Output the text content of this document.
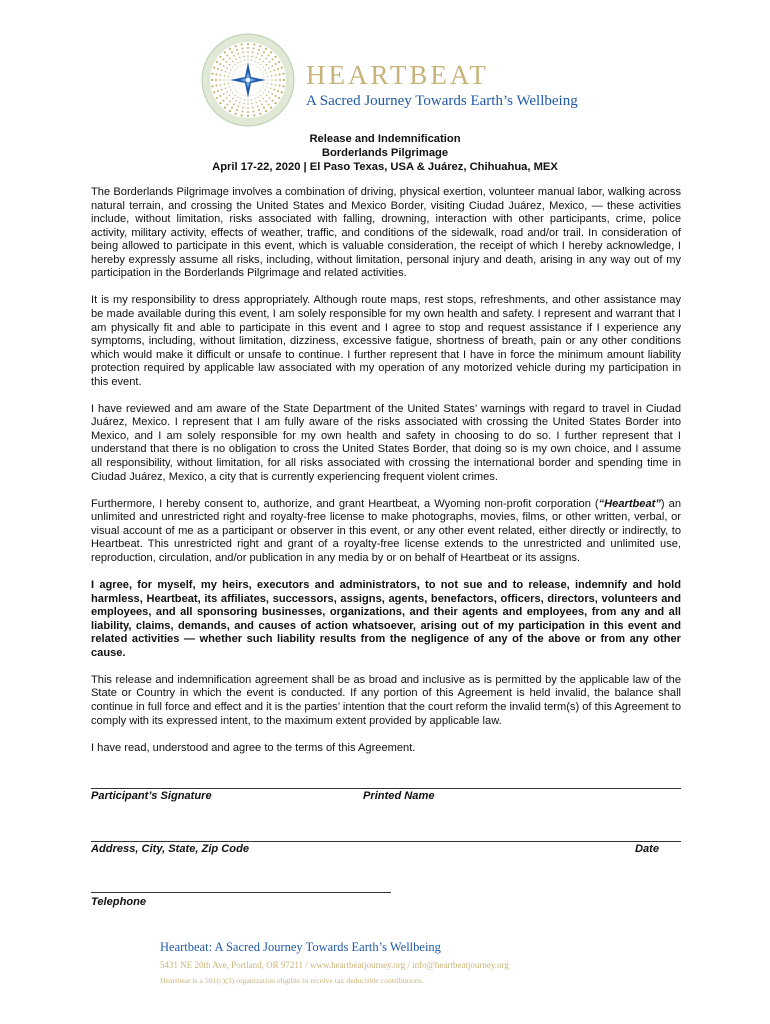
HEARTBEAT
A Sacred Journey Towards Earth’s Wellbeing
Release and Indemnification
Borderlands Pilgrimage
April 17-22, 2020 | El Paso Texas, USA & Juárez, Chihuahua, MEX

The Borderlands Pilgrimage involves a combination of driving, physical exertion, volunteer manual labor, walking across natural terrain, and crossing the United States and Mexico Border, visiting Ciudad Juárez, Mexico, — these activities include, without limitation, risks associated with falling, drowning, interaction with other participants, crime, police activity, military activity, effects of weather, traffic, and conditions of the sidewalk, road and/or trail. In consideration of being allowed to participate in this event, which is valuable consideration, the receipt of which I hereby acknowledge, I hereby expressly assume all risks, including, without limitation, personal injury and death, arising in any way out of my participation in the Borderlands Pilgrimage and related activities.

It is my responsibility to dress appropriately. Although route maps, rest stops, refreshments, and other assistance may be made available during this event, I am solely responsible for my own health and safety. I represent and warrant that I am physically fit and able to participate in this event and I agree to stop and request assistance if I experience any symptoms, including, without limitation, dizziness, excessive fatigue, shortness of breath, pain or any other conditions which would make it difficult or unsafe to continue. I further represent that I have in force the minimum amount liability protection required by applicable law associated with my operation of any motorized vehicle during my participation in this event.

I have reviewed and am aware of the State Department of the United States’ warnings with regard to travel in Ciudad Juárez, Mexico. I represent that I am fully aware of the risks associated with crossing the United States Border into Mexico, and I am solely responsible for my own health and safety in choosing to do so. I further represent that I understand that there is no obligation to cross the United States Border, that doing so is my own choice, and I assume all responsibility, without limitation, for all risks associated with crossing the international border and spending time in Ciudad Juárez, Mexico, a city that is currently experiencing frequent violent crimes.

Furthermore, I hereby consent to, authorize, and grant Heartbeat, a Wyoming non-profit corporation (“Heartbeat”) an unlimited and unrestricted right and royalty-free license to make photographs, movies, films, or other written, verbal, or visual account of me as a participant or observer in this event, or any other event related, either directly or indirectly, to Heartbeat. This unrestricted right and grant of a royalty-free license extends to the unrestricted and unlimited use, reproduction, circulation, and/or publication in any media by or on behalf of Heartbeat or its assigns.

I agree, for myself, my heirs, executors and administrators, to not sue and to release, indemnify and hold harmless, Heartbeat, its affiliates, successors, assigns, agents, benefactors, officers, directors, volunteers and employees, and all sponsoring businesses, organizations, and their agents and employees, from any and all liability, claims, demands, and causes of action whatsoever, arising out of my participation in this event and related activities — whether such liability results from the negligence of any of the above or from any other cause.

This release and indemnification agreement shall be as broad and inclusive as is permitted by the applicable law of the State or Country in which the event is conducted. If any portion of this Agreement is held invalid, the balance shall continue in full force and effect and it is the parties’ intention that the court reform the invalid term(s) of this Agreement to comply with its expressed intent, to the maximum extent provided by applicable law.

I have read, understood and agree to the terms of this Agreement.

Participant’s Signature	Printed Name
Address, City, State, Zip Code	Date
Telephone
Heartbeat: A Sacred Journey Towards Earth’s Wellbeing
5431 NE 20th Ave, Portland, OR 97211 / www.heartbeatjourney.org / info@heartbeatjourney.org
Heartbeat is a 501(c)(3) organization eligible to receive tax deductible contributions.
